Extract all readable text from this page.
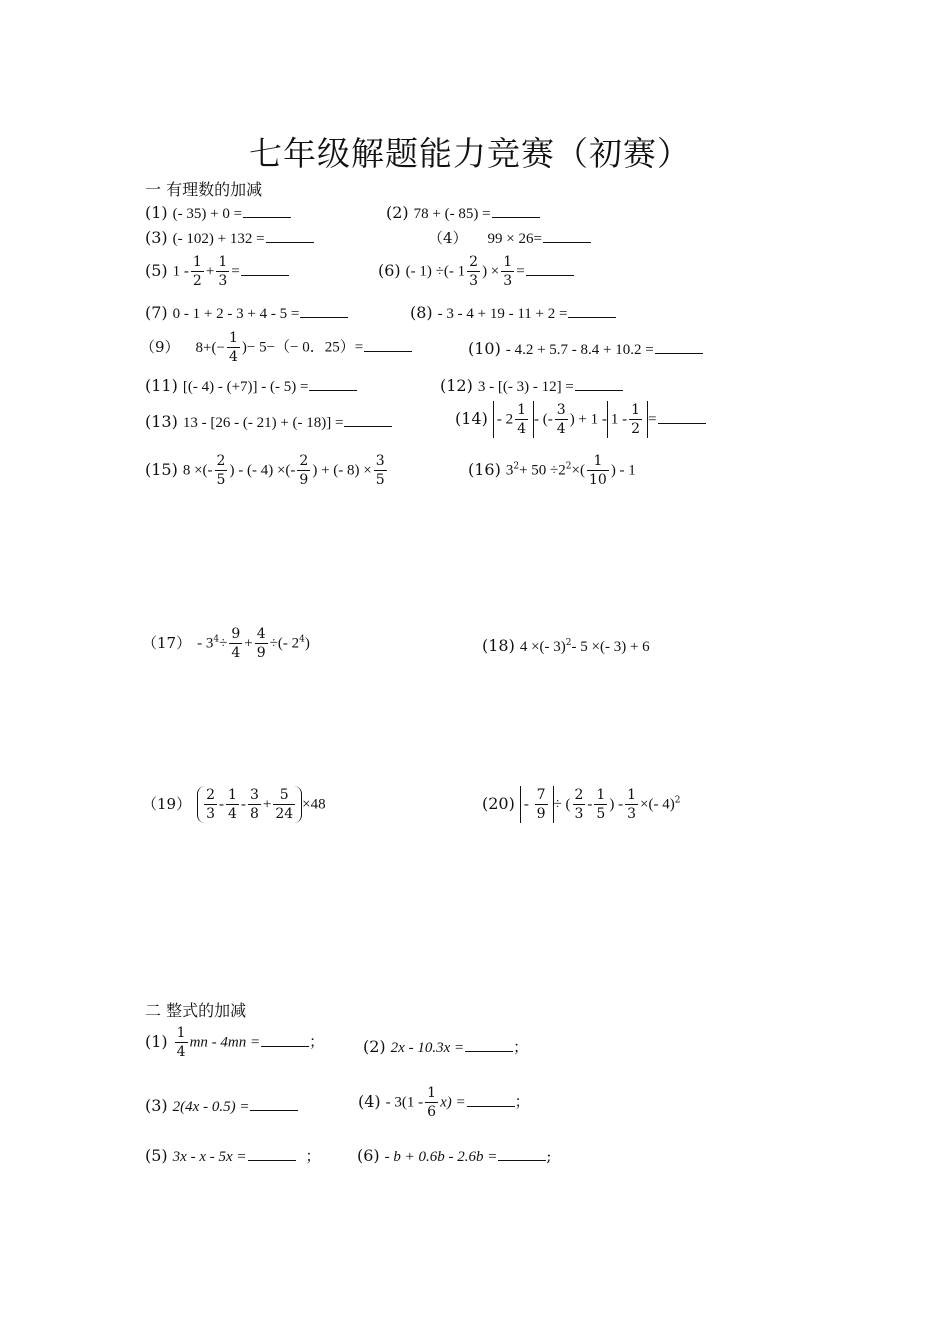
七年级解题能力竞赛（初赛）
一 有理数的加减
(1) (- 35) + 0 =	(2) 78 + (- 85) =
(3) (- 102) + 132 =	（4） 99 × 26=
(5) $1 - \frac{1}{2} + \frac{1}{3}$ =	(6) (- 1) ÷(- $1 \frac{2}{3}$ ) × $\frac{1}{3}$ =
(7) 0 - 1 + 2 - 3 + 4 - 5 =	(8) - 3 - 4 + 19 - 11 + 2 =
（9） $8+(- \frac{1}{4}$ )− 5−（− 0．25）=	(10) - 4.2 + 5.7 - 8.4 + 10.2 =
(11) [(- 4) - (+7)] - (- 5) =	(12) 3 - [(- 3) - 12] =
(13) 13 - [26 - (- 21) + (- 18)] =	$(14) - 2 \frac{1}{4}$ - (- $\frac{3}{4}$ ) + $1 - 1 - \frac{1}{2}$ =
(15) 8 ×(- $\frac{2}{5}$ ) - (- 4) ×(- $\frac{2}{9}$ ) + (- $8) \times \frac{3}{5}$	(16) $3^2+ 50 \div 2^2\times( \frac{1}{10}$ ) - 1
$(17) - 3^4\div \frac{9}{4} + \frac{4}{9}$ ÷(- $2^4$)	(18) 4 ×(- 3)$^2$- 5 ×(- 3) + 6
$(19) \frac{2}{3} - \frac{1}{4} - \frac{3}{8} + \frac{5}{24} \times 48$	$(20) - \frac{7}{9}$ ÷ ( $\frac{2}{3} - \frac{1}{5}$ ) - $\frac{1}{3}$ ×(- 4)$^2$
二 整式的加减
$(1) \frac{1}{4}$ mn - 4mn =	； (2) 2x - 10.3x =	；
(3) 2(4x - 0.5) =	$(4) - 3(1 - \frac{1}{6} x)$ =	；
(5) 3x - x - 5x =	； (6) - b + 0.6b - 2.6b =	;
